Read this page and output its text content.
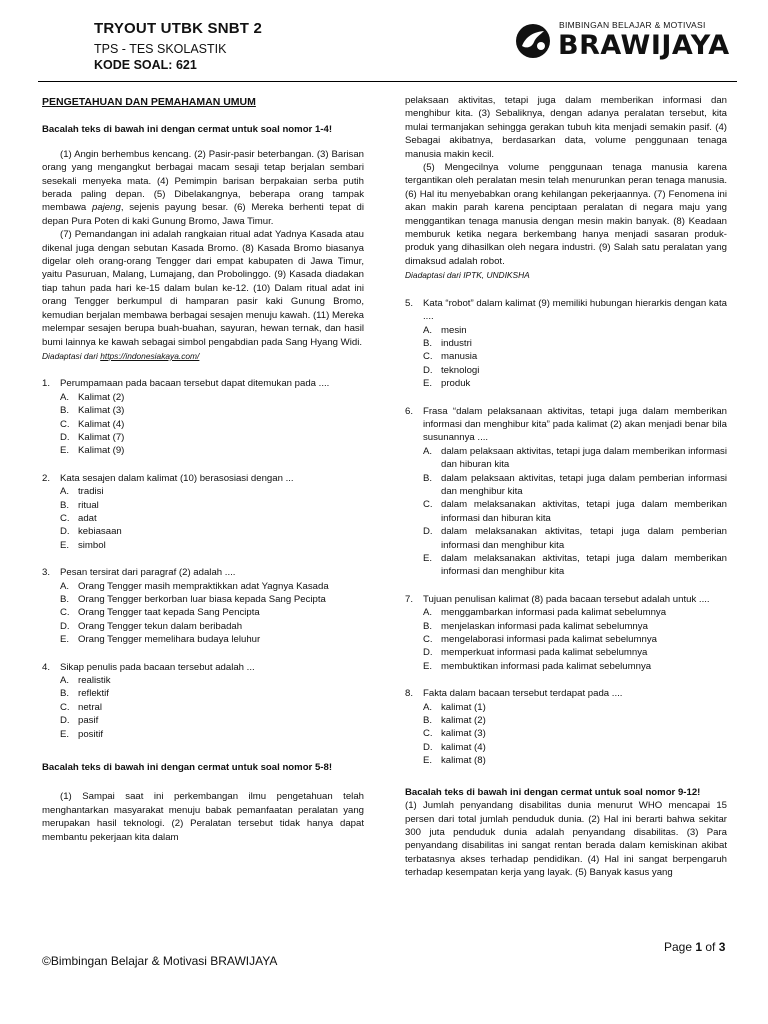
TRYOUT UTBK SNBT 2
TPS - TES SKOLASTIK
KODE SOAL: 621
BIMBINGAN BELAJAR & MOTIVASI
BRAWIJAYA
PENGETAHUAN DAN PEMAHAMAN UMUM
Bacalah teks di bawah ini dengan cermat untuk soal nomor 1-4!

(1) Angin berhembus kencang. (2) Pasir-pasir beterbangan. (3) Barisan orang yang mengangkut berbagai macam sesaji tetap berjalan sembari sesekali menyeka mata. (4) Pemimpin barisan berpakaian serba putih berada paling depan. (5) Dibelakangnya, beberapa orang tampak membawa pajeng, sejenis payung besar. (6) Mereka berhenti tepat di depan Pura Poten di kaki Gunung Bromo, Jawa Timur.

(7) Pemandangan ini adalah rangkaian ritual adat Yadnya Kasada atau dikenal juga dengan sebutan Kasada Bromo. (8) Kasada Bromo biasanya digelar oleh orang-orang Tengger dari empat kabupaten di Jawa Timur, yaitu Pasuruan, Malang, Lumajang, dan Probolinggo. (9) Kasada diadakan tiap tahun pada hari ke-15 dalam bulan ke-12. (10) Dalam ritual adat ini orang Tengger berkumpul di hamparan pasir kaki Gunung Bromo, kemudian berjalan membawa berbagai sesajen menuju kawah. (11) Mereka melempar sesajen berupa buah-buahan, sayuran, hewan ternak, dan hasil bumi lainnya ke kawah sebagai simbol pengabdian pada Sang Hyang Widi.

Diadaptasi dari https://indonesiakaya.com/
1.	Perumpamaan pada bacaan tersebut dapat ditemukan pada ....
A. Kalimat (2)
B. Kalimat (3)
C. Kalimat (4)
D. Kalimat (7)
E. Kalimat (9)
2.	Kata sesajen dalam kalimat (10) berasosiasi dengan ...
A. tradisi
B. ritual
C. adat
D. kebiasaan
E. simbol
3.	Pesan tersirat dari paragraf (2) adalah ....
A. Orang Tengger masih mempraktikkan adat Yagnya Kasada
B. Orang Tengger berkorban luar biasa kepada Sang Pecipta
C. Orang Tengger taat kepada Sang Pencipta
D. Orang Tengger tekun dalam beribadah
E. Orang Tengger memelihara budaya leluhur
4.	Sikap penulis pada bacaan tersebut adalah ...
A. realistik
B. reflektif
C. netral
D. pasif
E. positif
Bacalah teks di bawah ini dengan cermat untuk soal nomor 5-8!

(1) Sampai saat ini perkembangan ilmu pengetahuan telah menghantarkan masyarakat menuju babak pemanfaatan peralatan yang merupakan hasil teknologi. (2) Peralatan tersebut tidak hanya dapat membantu pekerjaan kita dalam

pelaksaan aktivitas, tetapi juga dalam memberikan informasi dan menghibur kita. (3) Sebaliknya, dengan adanya peralatan tersebut, kita mulai termanjakan sehingga gerakan tubuh kita menjadi semakin pasif. (4) Sebagai akibatnya, berdasarkan data, volume penggunaan tenaga manusia makin kecil.

(5) Mengecilnya volume penggunaan tenaga manusia karena tergantikan oleh peralatan mesin telah menurunkan peran tenaga manusia. (6) Hal itu menyebabkan orang kehilangan pekerjaannya. (7) Fenomena ini akan makin parah karena penciptaan peralatan di negara maju yang menggantikan tenaga manusia dengan mesin makin banyak. (8) Keadaan memburuk ketika negara berkembang hanya menjadi sasaran produk-produk yang dihasilkan oleh negara industri. (9) Salah satu peralatan yang dimaksud adalah robot.

Diadaptasi dari IPTK, UNDIKSHA
5.	Kata “robot” dalam kalimat (9) memiliki hubungan hierarkis dengan kata ....
A. mesin
B. industri
C. manusia
D. teknologi
E. produk
6.	Frasa “dalam pelaksanaan aktivitas, tetapi juga dalam memberikan informasi dan menghibur kita” pada kalimat (2) akan menjadi benar bila susunannya ....
A. dalam pelaksaan aktivitas, tetapi juga dalam memberikan informasi dan hiburan kita
B. dalam pelaksaan aktivitas, tetapi juga dalam pemberian informasi dan menghibur kita
C. dalam melaksanakan aktivitas, tetapi juga dalam memberikan informasi dan hiburan kita
D. dalam melaksanakan aktivitas, tetapi juga dalam pemberian informasi dan menghibur kita
E. dalam melaksanakan aktivitas, tetapi juga dalam memberikan informasi dan menghibur kita
7.	Tujuan penulisan kalimat (8) pada bacaan tersebut adalah untuk ....
A. menggambarkan informasi pada kalimat sebelumnya
B. menjelaskan informasi pada kalimat sebelumnya
C. mengelaborasi informasi pada kalimat sebelumnya
D. memperkuat informasi pada kalimat sebelumnya
E. membuktikan informasi pada kalimat sebelumnya
8.	Fakta dalam bacaan tersebut terdapat pada ....
A. kalimat (1)
B. kalimat (2)
C. kalimat (3)
D. kalimat (4)
E. kalimat (8)
Bacalah teks di bawah ini dengan cermat untuk soal nomor 9-12!
(1) Jumlah penyandang disabilitas dunia menurut WHO mencapai 15 persen dari total jumlah penduduk dunia. (2) Hal ini berarti bahwa sekitar 300 juta penduduk dunia adalah penyandang disabilitas. (3) Para penyandang disabilitas ini sangat rentan berada dalam kemiskinan akibat terbatasnya akses terhadap pendidikan. (4) Hal ini sangat berpengaruh terhadap kesempatan kerja yang layak. (5) Banyak kasus yang
©Bimbingan Belajar & Motivasi BRAWIJAYA
Page 1 of 3
